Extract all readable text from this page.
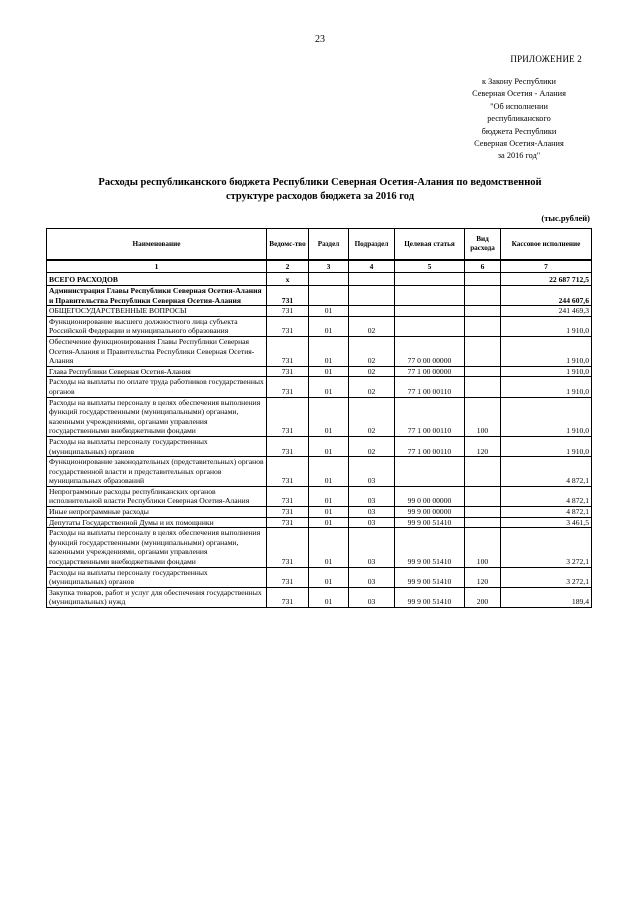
23
ПРИЛОЖЕНИЕ 2
к Закону Республики
Северная Осетия - Алания
"Об исполнении
республиканского
бюджета Республики
Северная Осетия-Алания
за 2016 год"
Расходы республиканского бюджета Республики Северная Осетия-Алания по ведомственной
структуре расходов бюджета за 2016 год
(тыс.рублей)
Наименование	Ведомс-тво	Раздел	Подраздел	Целевая статья	Вид расхода	Кассовое исполнение
1	2	3	4	5	6	7
ВСЕГО РАСХОДОВ	x					22 687 712,5
Администрация Главы Республики Северная Осетия-Алания и Правительства Республики Северная Осетия-Алания	731					244 607,6
ОБЩЕГОСУДАРСТВЕННЫЕ ВОПРОСЫ	731	01				241 469,3
Функционирование высшего должностного лица субъекта Российской Федерации и муниципального образования	731	01	02			1 910,0
Обеспечение функционирования Главы Республики Северная Осетия-Алания и Правительства Республики Северная Осетия-Алания	731	01	02	77 0 00 00000		1 910,0
Глава Республики Северная Осетия-Алания	731	01	02	77 1 00 00000		1 910,0
Расходы на выплаты по оплате труда работников государственных органов	731	01	02	77 1 00 00110		1 910,0
Расходы на выплаты персоналу в целях обеспечения выполнения функций государственными (муниципальными) органами, казенными учреждениями, органами управления государственными внебюджетными фондами	731	01	02	77 1 00 00110	100	1 910,0
Расходы на выплаты персоналу государственных (муниципальных) органов	731	01	02	77 1 00 00110	120	1 910,0
Функционирование законодательных (представительных) органов государственной власти и представительных органов муниципальных образований	731	01	03			4 872,1
Непрограммные расходы республиканских органов исполнительной власти Республики Северная Осетия-Алания	731	01	03	99 0 00 00000		4 872,1
Иные непрограммные расходы	731	01	03	99 9 00 00000		4 872,1
Депутаты Государственной Думы и их помощники	731	01	03	99 9 00 51410		3 461,5
Расходы на выплаты персоналу в целях обеспечения выполнения функций государственными (муниципальными) органами, казенными учреждениями, органами управления государственными внебюджетными фондами	731	01	03	99 9 00 51410	100	3 272,1
Расходы на выплаты персоналу государственных (муниципальных) органов	731	01	03	99 9 00 51410	120	3 272,1
Закупка товаров, работ и услуг для обеспечения государственных (муниципальных) нужд	731	01	03	99 9 00 51410	200	189,4
